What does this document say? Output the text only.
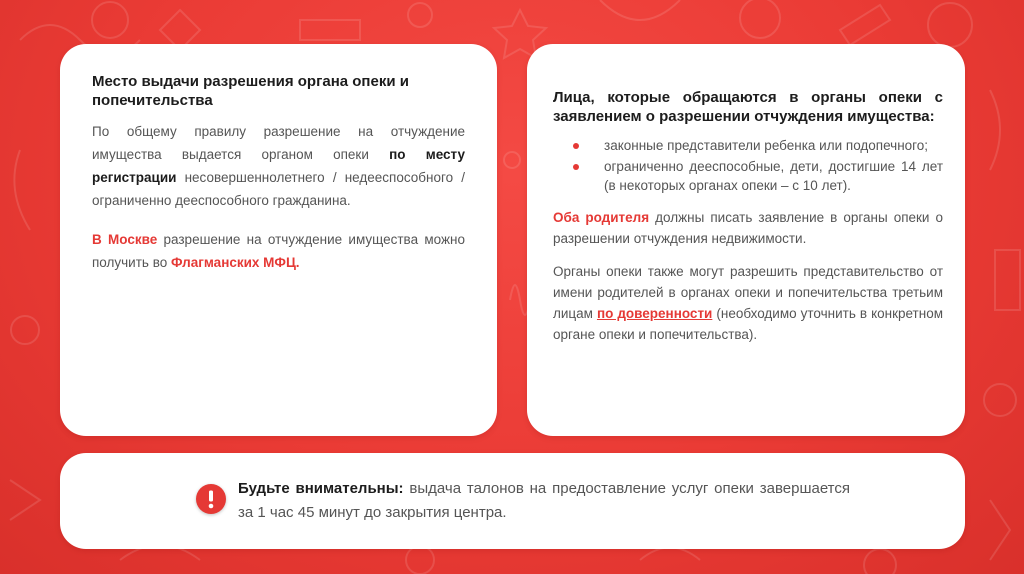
Место выдачи разрешения органа опеки и попечительства

По общему правилу разрешение на отчуждение имущества выдается органом опеки по месту регистрации несовершеннолетнего / недееспособного / ограниченно дееспособного гражданина.

В Москве разрешение на отчуждение имущества можно получить во Флагманских МФЦ.

Лица, которые обращаются в органы опеки с заявлением о разрешении отчуждения имущества:
законные представители ребенка или подопечного;
ограниченно дееспособные, дети, достигшие 14 лет (в некоторых органах опеки – с 10 лет).

Оба родителя должны писать заявление в органы опеки о разрешении отчуждения недвижимости.

Органы опеки также могут разрешить представительство от имени родителей в органах опеки и попечительства третьим лицам по доверенности (необходимо уточнить в конкретном органе опеки и попечительства).

Будьте внимательны: выдача талонов на предоставление услуг опеки завершается за 1 час 45 минут до закрытия центра.
